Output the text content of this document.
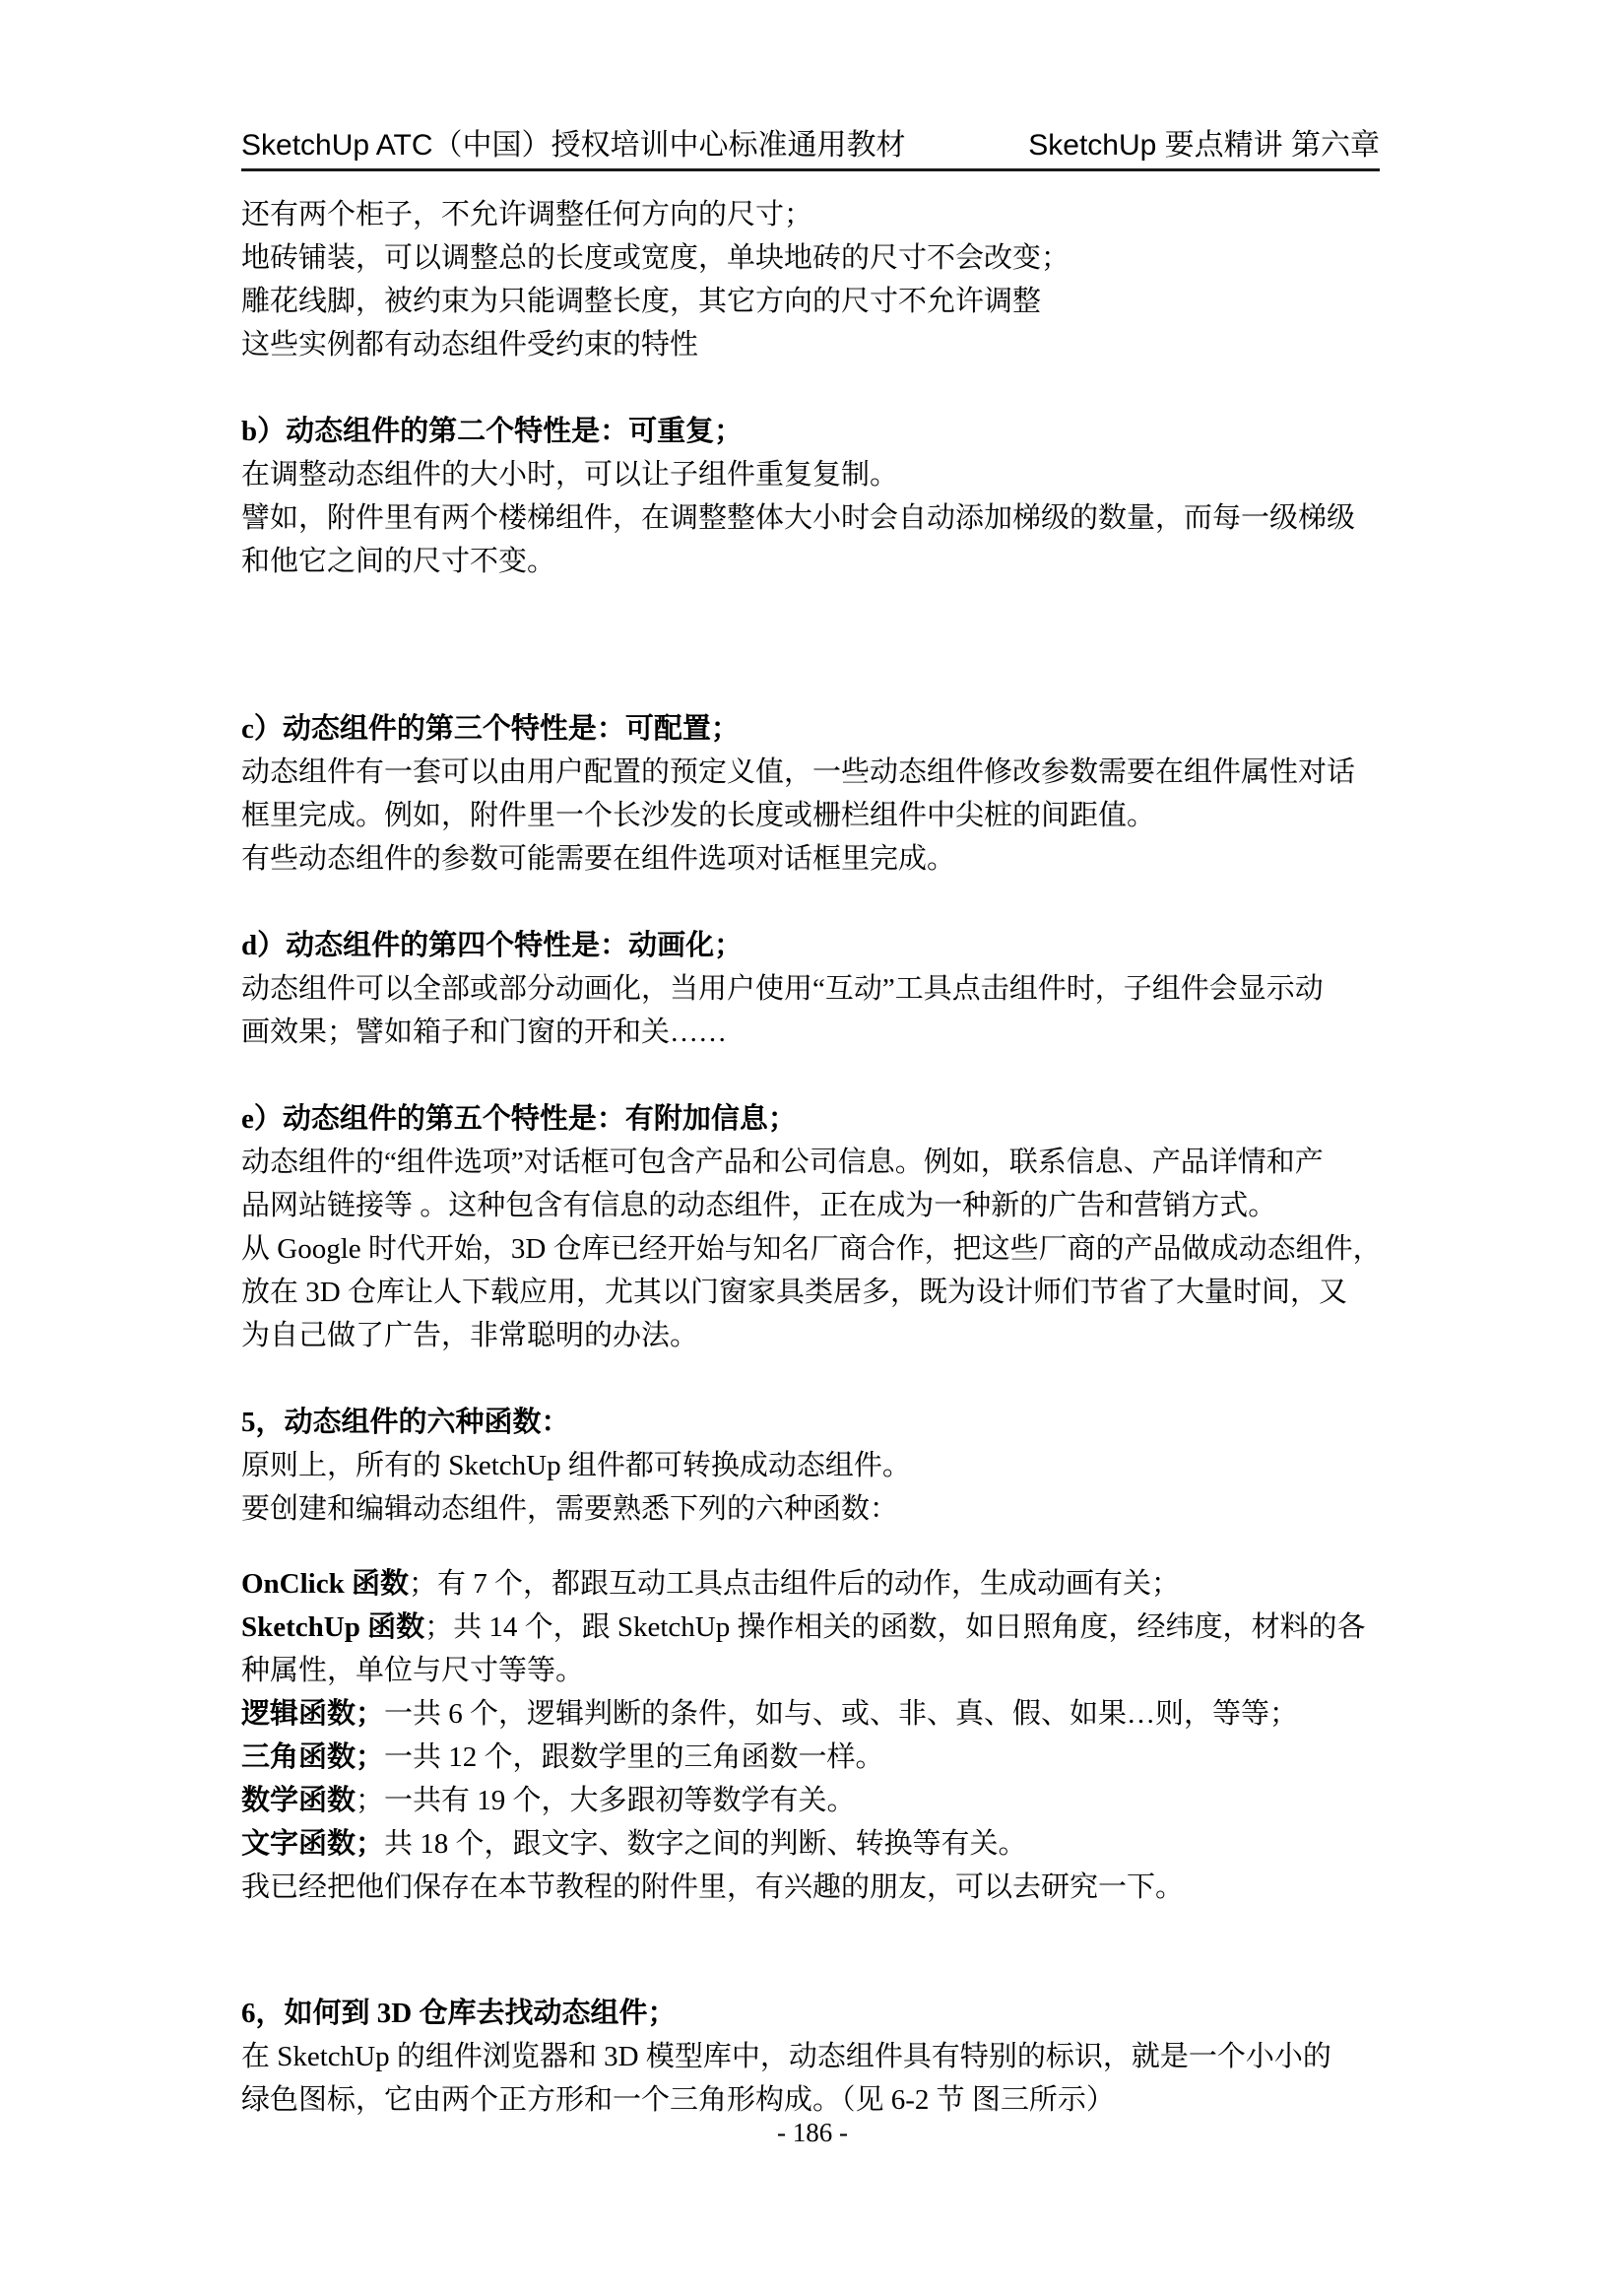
SketchUp ATC（中国）授权培训中心标准通用教材	SketchUp 要点精讲 第六章
还有两个柜子，不允许调整任何方向的尺寸；
地砖铺装，可以调整总的长度或宽度，单块地砖的尺寸不会改变；
雕花线脚，被约束为只能调整长度，其它方向的尺寸不允许调整
这些实例都有动态组件受约束的特性
b）动态组件的第二个特性是：可重复；
在调整动态组件的大小时，可以让子组件重复复制。
譬如，附件里有两个楼梯组件，在调整整体大小时会自动添加梯级的数量，而每一级梯级
和他它之间的尺寸不变。
c）动态组件的第三个特性是：可配置；
动态组件有一套可以由用户配置的预定义值，一些动态组件修改参数需要在组件属性对话
框里完成。例如，附件里一个长沙发的长度或栅栏组件中尖桩的间距值。
有些动态组件的参数可能需要在组件选项对话框里完成。
d）动态组件的第四个特性是：动画化；
动态组件可以全部或部分动画化，当用户使用“互动”工具点击组件时，子组件会显示动
画效果；譬如箱子和门窗的开和关……
e）动态组件的第五个特性是：有附加信息；
动态组件的“组件选项”对话框可包含产品和公司信息。例如，联系信息、产品详情和产
品网站链接等 。这种包含有信息的动态组件，正在成为一种新的广告和营销方式。
从 Google 时代开始，3D 仓库已经开始与知名厂商合作，把这些厂商的产品做成动态组件，
放在 3D 仓库让人下载应用，尤其以门窗家具类居多，既为设计师们节省了大量时间，又
为自己做了广告，非常聪明的办法。
5，动态组件的六种函数：
原则上，所有的 SketchUp 组件都可转换成动态组件。
要创建和编辑动态组件，需要熟悉下列的六种函数：
OnClick 函数；有 7 个，都跟互动工具点击组件后的动作，生成动画有关；
SketchUp 函数；共 14 个，跟 SketchUp 操作相关的函数，如日照角度，经纬度，材料的各
种属性，单位与尺寸等等。
逻辑函数；一共 6 个，逻辑判断的条件，如与、或、非、真、假、如果…则，等等；
三角函数；一共 12 个，跟数学里的三角函数一样。
数学函数；一共有 19 个，大多跟初等数学有关。
文字函数；共 18 个，跟文字、数字之间的判断、转换等有关。
我已经把他们保存在本节教程的附件里，有兴趣的朋友，可以去研究一下。
6，如何到 3D 仓库去找动态组件；
在 SketchUp 的组件浏览器和 3D 模型库中，动态组件具有特别的标识，就是一个小小的
绿色图标，它由两个正方形和一个三角形构成。（见 6-2 节 图三所示）
- 186 -
